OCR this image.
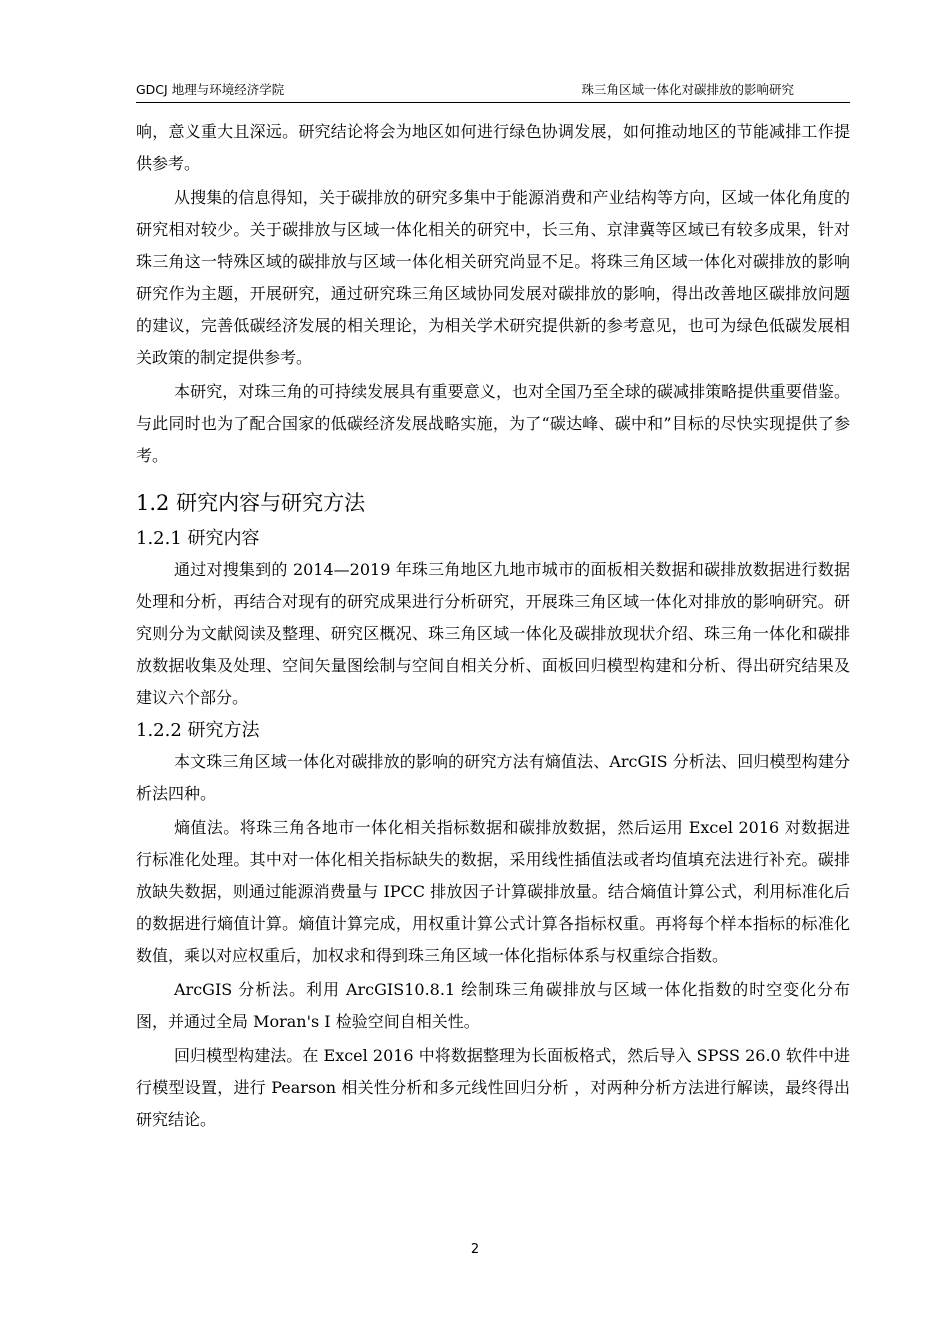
GDCJ 地理与环境经济学院	珠三角区域一体化对碳排放的影响研究

响，意义重大且深远。研究结论将会为地区如何进行绿色协调发展，如何推动地区的节能减排工作提供参考。

从搜集的信息得知，关于碳排放的研究多集中于能源消费和产业结构等方向，区域一体化角度的研究相对较少。关于碳排放与区域一体化相关的研究中，长三角、京津冀等区域已有较多成果，针对珠三角这一特殊区域的碳排放与区域一体化相关研究尚显不足。将珠三角区域一体化对碳排放的影响研究作为主题，开展研究，通过研究珠三角区域协同发展对碳排放的影响，得出改善地区碳排放问题的建议，完善低碳经济发展的相关理论，为相关学术研究提供新的参考意见，也可为绿色低碳发展相关政策的制定提供参考。

本研究，对珠三角的可持续发展具有重要意义，也对全国乃至全球的碳减排策略提供重要借鉴。与此同时也为了配合国家的低碳经济发展战略实施，为了“碳达峰、碳中和”目标的尽快实现提供了参考。

1.2 研究内容与研究方法
1.2.1 研究内容

通过对搜集到的 2014—2019 年珠三角地区九地市城市的面板相关数据和碳排放数据进行数据处理和分析，再结合对现有的研究成果进行分析研究，开展珠三角区域一体化对排放的影响研究。研究则分为文献阅读及整理、研究区概况、珠三角区域一体化及碳排放现状介绍、珠三角一体化和碳排放数据收集及处理、空间矢量图绘制与空间自相关分析、面板回归模型构建和分析、得出研究结果及建议六个部分。

1.2.2 研究方法

本文珠三角区域一体化对碳排放的影响的研究方法有熵值法、ArcGIS 分析法、回归模型构建分析法四种。

熵值法。将珠三角各地市一体化相关指标数据和碳排放数据，然后运用 Excel 2016 对数据进行标准化处理。其中对一体化相关指标缺失的数据，采用线性插值法或者均值填充法进行补充。碳排放缺失数据，则通过能源消费量与 IPCC 排放因子计算碳排放量。结合熵值计算公式，利用标准化后的数据进行熵值计算。熵值计算完成，用权重计算公式计算各指标权重。再将每个样本指标的标准化数值，乘以对应权重后，加权求和得到珠三角区域一体化指标体系与权重综合指数。

ArcGIS 分析法。利用 ArcGIS10.8.1 绘制珠三角碳排放与区域一体化指数的时空变化分布图，并通过全局 Moran's I 检验空间自相关性。

回归模型构建法。在 Excel 2016 中将数据整理为长面板格式，然后导入 SPSS 26.0 软件中进行模型设置，进行 Pearson 相关性分析和多元线性回归分析 ，对两种分析方法进行解读，最终得出研究结论。

2
